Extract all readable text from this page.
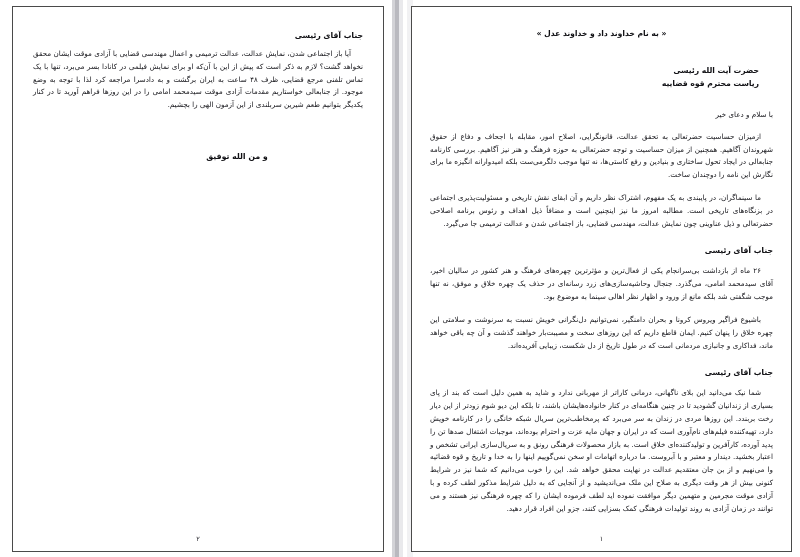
« به نام خداوند داد و خداوند عدل »
حضرت آیت الله رئیسی
ریاست محترم قوه قضاییه
با سلام و دعای خیر

ازمیزان حساسیت حضرتعالی به تحقق عدالت، قانونگرایی، اصلاح امور، مقابله با اجحاف و دفاع از حقوق شهروندان آگاهیم. همچنین از میزان حساسیت و توجه حضرتعالی به حوزه فرهنگ و هنر نیز آگاهیم. بررسی کارنامه جنابعالی در ایجاد تحول ساختاری و بنیادین و رفع کاستی‌ها، نه تنها موجب دلگرمی‌ست بلکه امیدوارانه انگیزه ما برای نگارش این نامه را دوچندان ساخت.

ما سینماگران، در پایبندی به یک مفهوم، اشتراک نظر داریم و آن ابقای نقش تاریخی و مسئولیت‌پذیری اجتماعی در بزنگاه‌های تاریخی است. مطالبه امروز ما نیز اینچنین است و مضافاً ذیل اهداف و رئوس برنامه اصلاحی حضرتعالی و ذیل عناوینی چون نمایش عدالت، مهندسی قضایی، باز اجتماعی شدن و عدالت ترمیمی جا می‌گیرد.

جناب آقای رئیسی

۲۶ ماه از بازداشت بی‌سرانجام یکی از فعال‌ترین و مؤثرترین چهره‌های فرهنگ و هنر کشور در سالیان اخیر، آقای سیدمحمد امامی، می‌گذرد. جنجال وحاشیه‌سازی‌های زرد رسانه‌ای در حذف یک چهره خلاق و موفق، نه تنها موجب شگفتی شد بلکه مانع از ورود و اظهار نظر اهالی سینما به موضوع بود.

باشیوع فراگیر ویروس کرونا و بحران دامنگیر، نمی‌توانیم دل‌نگرانی خویش نسبت به سرنوشت و سلامتی این چهره خلاق را پنهان کنیم. ایمان قاطع داریم که این روزهای سخت و مصیبت‌بار خواهند گذشت و آن چه باقی خواهد ماند، فداکاری و جانبازی مردمانی است که در طول تاریخ از دل شکست، زیبایی آفریده‌اند.

جناب آقای رئیسی

شما نیک می‌دانید این بلای ناگهانی، درمانی کاراتر از مهربانی ندارد و شاید به همین دلیل است که بند از پای بسیاری از زندانیان گشودید تا در چنین هنگامه‌ای در کنار خانواده‌هایشان باشند، تا بلکه این دیو شوم زودتر از این دیار رخت بربندد. این روزها مردی در زندان به سر می‌برد که پرمخاطب‌ترین سریال شبکه خانگی را در کارنامه خویش دارد، تهیه‌کننده فیلم‌های نام‌آوری است که در ایران و جهان مایه عزت و احترام بوده‌اند، موجبات اشتغال صدها تن را پدید آورده، کارآفرین و تولیدکننده‌ای خلاق است. به بازار محصولات فرهنگی رونق و به سریال‌سازی ایرانی تشخص و اعتبار بخشید. دیندار و معتبر و با آبروست. ما درباره اتهامات او سخن نمی‌گوییم اینها را به خدا و تاریخ و قوه قضائیه وا می‌نهیم و از بن جان معتقدیم عدالت در نهایت محقق خواهد شد. این را خوب می‌دانیم که شما نیز در شرایط کنونی بیش از هر وقت دیگری به صلاح این ملک می‌اندیشید و از آنجایی که به دلیل شرایط مذکور لطف کرده و با آزادی موقت مجرمین و متهمین دیگر موافقت نموده اید لطف فرموده ایشان را که چهره فرهنگی نیز هستند و می توانند در زمان آزادی به روند تولیدات فرهنگی کمک بسزایی کنند، جزو این افراد قرار دهید.

۱
جناب آقای رئیسی

آیا باز اجتماعی شدن، نمایش عدالت، عدالت ترمیمی و اعمال مهندسی قضایی با آزادی موقت ایشان محقق نخواهد گشت؟ لازم به ذکر است که پیش از این با آن‌که او برای نمایش فیلمی در کانادا بسر می‌برد، تنها با یک تماس تلفنی مرجع قضایی، ظرف ۴۸ ساعت به ایران برگشت و به دادسرا مراجعه کرد لذا با توجه به وضع موجود. از جنابعالی خواستاریم مقدمات آزادی موقت سیدمحمد امامی را در این روزها فراهم آورید تا در کنار یکدیگر بتوانیم طعم شیرین سربلندی از این آزمون الهی را بچشیم.

و من الله توفیق
۲
